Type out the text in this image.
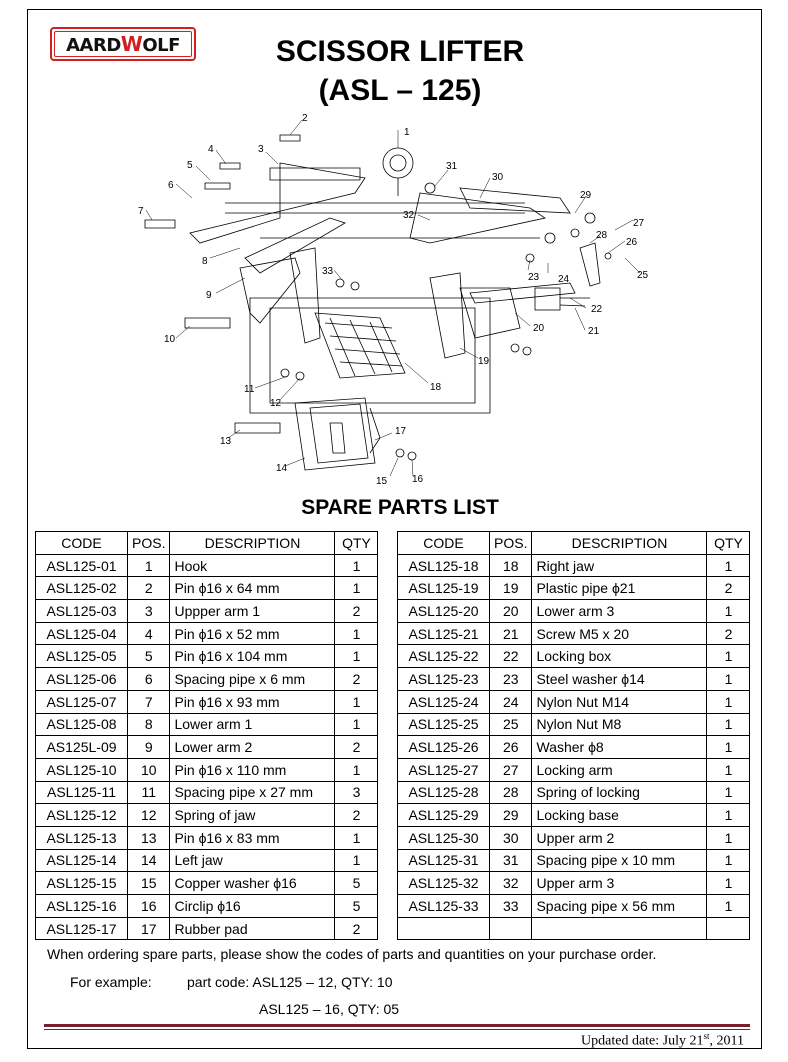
AARDWOLF	SCISSOR LIFTER
(ASL – 125)
1
2
3
4
5
6
7
8
9
10
11
12
13
14
15 16
17
18
19
20	21
22
23 24	25
26
27
28
29
30
31
32
33
SPARE PARTS LIST
CODE	POS.	DESCRIPTION	QTY
ASL125-01	1	Hook	1
ASL125-02	2	Pin ϕ16 x 64 mm	1
ASL125-03	3	Uppper arm 1	2
ASL125-04	4	Pin ϕ16 x 52 mm	1
ASL125-05	5	Pin ϕ16 x 104 mm	1
ASL125-06	6	Spacing pipe x 6 mm	2
ASL125-07	7	Pin ϕ16 x 93 mm	1
ASL125-08	8	Lower arm 1	1
AS125L-09	9	Lower arm 2	2
ASL125-10	10	Pin ϕ16 x 110 mm	1
ASL125-11	11	Spacing pipe x 27 mm	3
ASL125-12	12	Spring of jaw	2
ASL125-13	13	Pin ϕ16 x 83 mm	1
ASL125-14	14	Left jaw	1
ASL125-15	15	Copper washer ϕ16	5
ASL125-16	16	Circlip ϕ16	5
ASL125-17	17	Rubber pad	2
CODE	POS.	DESCRIPTION	QTY
ASL125-18	18	Right jaw	1
ASL125-19	19	Plastic pipe ϕ21	2
ASL125-20	20	Lower arm 3	1
ASL125-21	21	Screw M5 x 20	2
ASL125-22	22	Locking box	1
ASL125-23	23	Steel washer ϕ14	1
ASL125-24	24	Nylon Nut M14	1
ASL125-25	25	Nylon Nut M8	1
ASL125-26	26	Washer ϕ8	1
ASL125-27	27	Locking arm	1
ASL125-28	28	Spring of locking	1
ASL125-29	29	Locking base	1
ASL125-30	30	Upper arm 2	1
ASL125-31	31	Spacing pipe x 10 mm	1
ASL125-32	32	Upper arm 3	1
ASL125-33	33	Spacing pipe x 56 mm	1

When ordering spare parts, please show the codes of parts and quantities on your purchase order.
For example:	part code: ASL125 – 12, QTY: 10
ASL125 – 16, QTY: 05
Updated date: July 21st, 2011
